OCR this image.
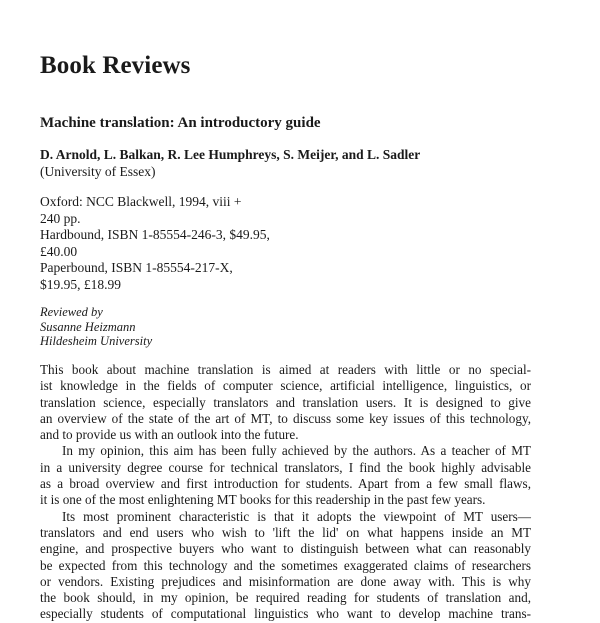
Book Reviews
Machine translation: An introductory guide
D. Arnold, L. Balkan, R. Lee Humphreys, S. Meijer, and L. Sadler
(University of Essex)
Oxford: NCC Blackwell, 1994, viii +
240 pp.
Hardbound, ISBN 1-85554-246-3, $49.95,
£40.00
Paperbound, ISBN 1-85554-217-X,
$19.95, £18.99
Reviewed by
Susanne Heizmann
Hildesheim University

This book about machine translation is aimed at readers with little or no special-
ist knowledge in the fields of computer science, artificial intelligence, linguistics, or
translation science, especially translators and translation users. It is designed to give
an overview of the state of the art of MT, to discuss some key issues of this technology,
and to provide us with an outlook into the future.

In my opinion, this aim has been fully achieved by the authors. As a teacher of MT
in a university degree course for technical translators, I find the book highly advisable
as a broad overview and first introduction for students. Apart from a few small flaws,
it is one of the most enlightening MT books for this readership in the past few years.

Its most prominent characteristic is that it adopts the viewpoint of MT users—
translators and end users who wish to 'lift the lid' on what happens inside an MT
engine, and prospective buyers who want to distinguish between what can reasonably
be expected from this technology and the sometimes exaggerated claims of researchers
or vendors. Existing prejudices and misinformation are done away with. This is why
the book should, in my opinion, be required reading for students of translation and,
especially students of computational linguistics who want to develop machine trans-
